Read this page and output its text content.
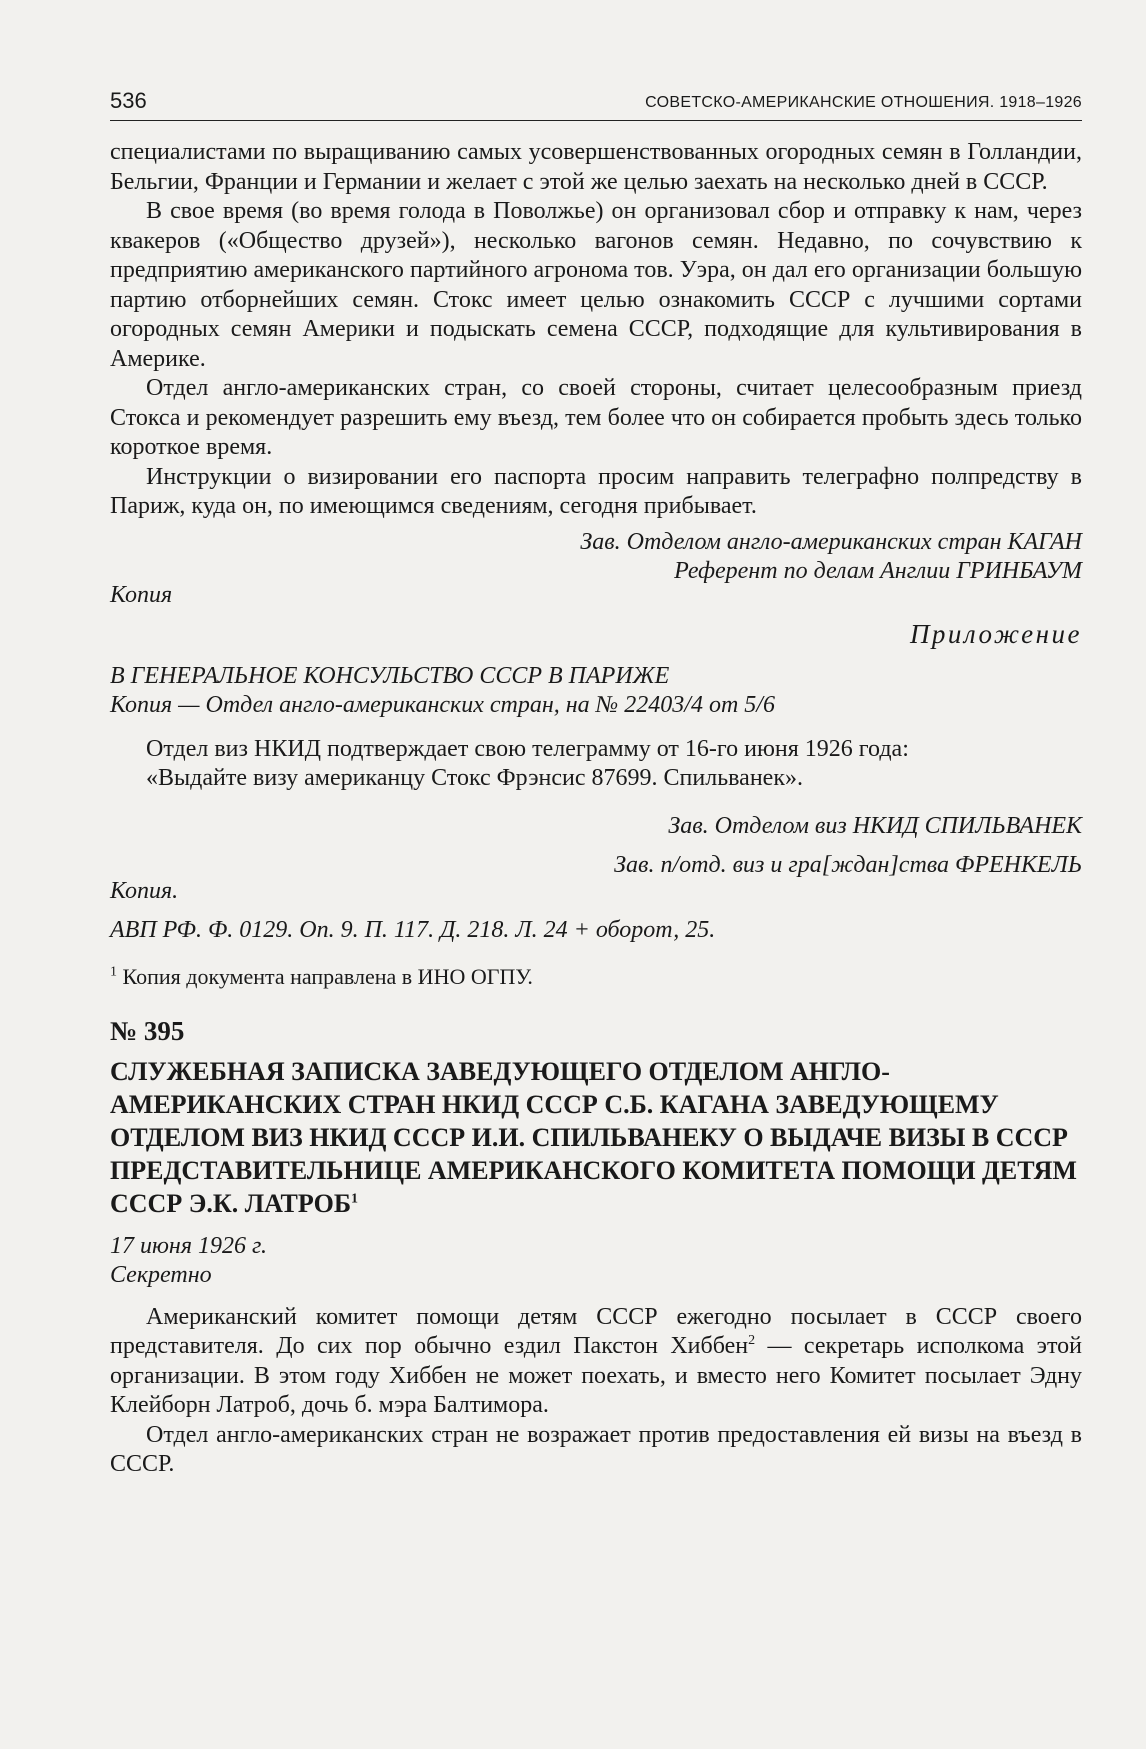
536	СОВЕТСКО-АМЕРИКАНСКИЕ ОТНОШЕНИЯ. 1918–1926

специалистами по выращиванию самых усовершенствованных огородных семян в Голландии, Бельгии, Франции и Германии и желает с этой же целью заехать на несколько дней в СССР.

В свое время (во время голода в Поволжье) он организовал сбор и отправку к нам, через квакеров («Общество друзей»), несколько вагонов семян. Недавно, по сочувствию к предприятию американского партийного агронома тов. Уэра, он дал его организации большую партию отборнейших семян. Стокс имеет целью ознакомить СССР с лучшими сортами огородных семян Америки и подыскать семена СССР, подходящие для культивирования в Америке.

Отдел англо-американских стран, со своей стороны, считает целесообразным приезд Стокса и рекомендует разрешить ему въезд, тем более что он собирается пробыть здесь только короткое время.

Инструкции о визировании его паспорта просим направить телеграфно полпредству в Париж, куда он, по имеющимся сведениям, сегодня прибывает.

Зав. Отделом англо-американских стран КАГАН

Референт по делам Англии ГРИНБАУМ

Копия

Приложение

В ГЕНЕРАЛЬНОЕ КОНСУЛЬСТВО СССР В ПАРИЖЕ

Копия — Отдел англо-американских стран, на № 22403/4 от 5/6

Отдел виз НКИД подтверждает свою телеграмму от 16-го июня 1926 года:

«Выдайте визу американцу Стокс Фрэнсис 87699. Спильванек».

Зав. Отделом виз НКИД СПИЛЬВАНЕК

Зав. п/отд. виз и гра[ждан]ства ФРЕНКЕЛЬ

Копия.

АВП РФ. Ф. 0129. Оп. 9. П. 117. Д. 218. Л. 24 + оборот, 25.

$^1$ Копия документа направлена в ИНО ОГПУ.

№ 395

СЛУЖЕБНАЯ ЗАПИСКА ЗАВЕДУЮЩЕГО ОТДЕЛОМ АНГЛО-АМЕРИКАНСКИХ СТРАН НКИД СССР С.Б. КАГАНА ЗАВЕДУЮЩЕМУ ОТДЕЛОМ ВИЗ НКИД СССР И.И. СПИЛЬВАНЕКУ О ВЫДАЧЕ ВИЗЫ В СССР ПРЕДСТАВИТЕЛЬНИЦЕ АМЕРИКАНСКОГО КОМИТЕТА ПОМОЩИ ДЕТЯМ СССР Э.К. ЛАТРОБ$^1$

17 июня 1926 г.

Секретно

Американский комитет помощи детям СССР ежегодно посылает в СССР своего представителя. До сих пор обычно ездил Пакстон Хиббен$^2$ — секретарь исполкома этой организации. В этом году Хиббен не может поехать, и вместо него Комитет посылает Эдну Клейборн Латроб, дочь б. мэра Балтимора.

Отдел англо-американских стран не возражает против предоставления ей визы на въезд в СССР.
